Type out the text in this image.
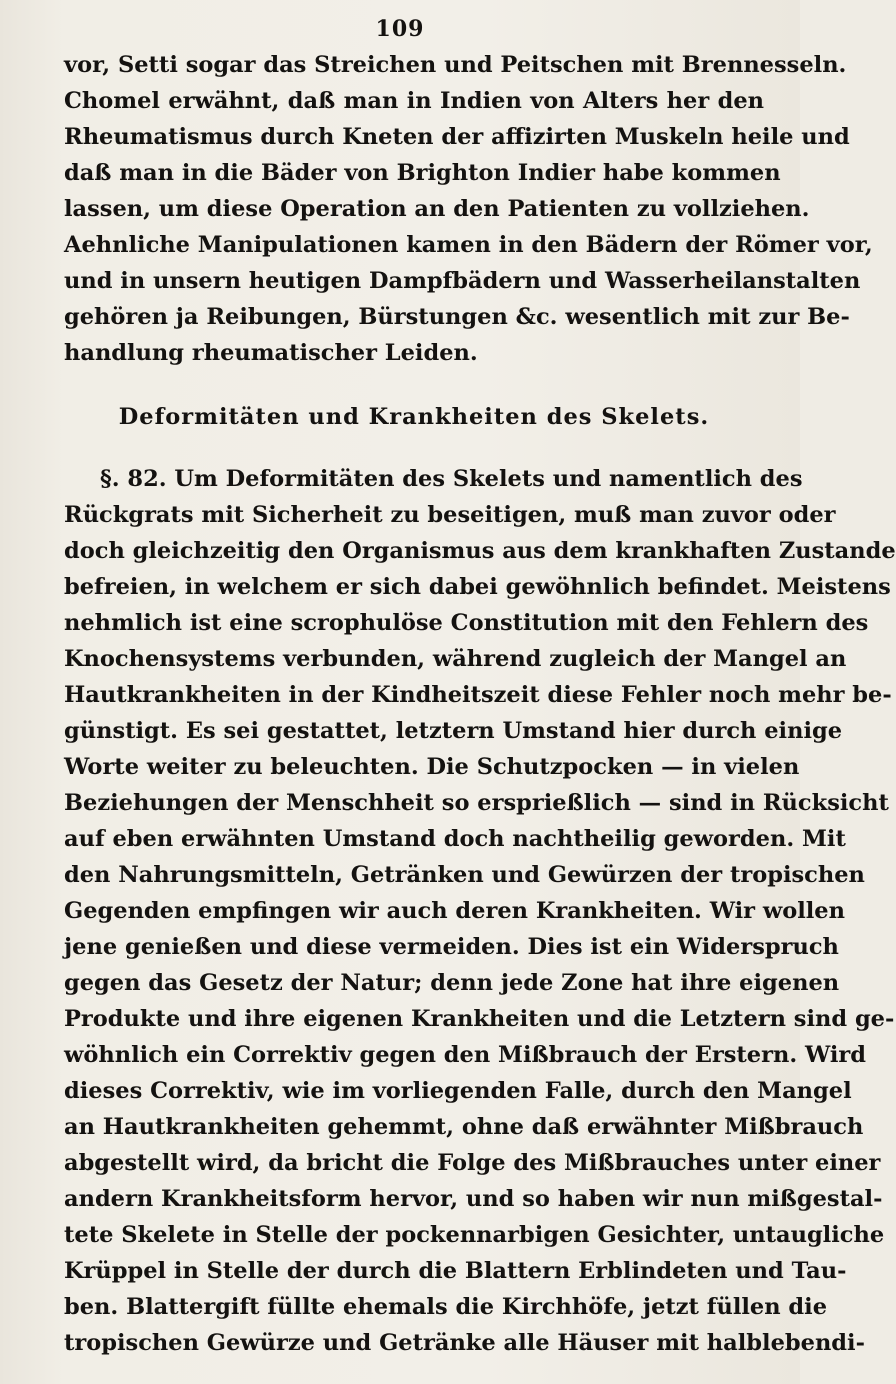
109
vor, Setti sogar das Streichen und Peitschen mit Brennesseln.
Chomel erwähnt, daß man in Indien von Alters her den
Rheumatismus durch Kneten der affizirten Muskeln heile und
daß man in die Bäder von Brighton Indier habe kommen
lassen, um diese Operation an den Patienten zu vollziehen.
Aehnliche Manipulationen kamen in den Bädern der Römer vor,
und in unsern heutigen Dampfbädern und Wasserheilanstalten
gehören ja Reibungen, Bürstungen &c. wesentlich mit zur Be-
handlung rheumatischer Leiden.
Deformitäten und Krankheiten des Skelets.
§. 82. Um Deformitäten des Skelets und namentlich des
Rückgrats mit Sicherheit zu beseitigen, muß man zuvor oder
doch gleichzeitig den Organismus aus dem krankhaften Zustande
befreien, in welchem er sich dabei gewöhnlich befindet. Meistens
nehmlich ist eine scrophulöse Constitution mit den Fehlern des
Knochensystems verbunden, während zugleich der Mangel an
Hautkrankheiten in der Kindheitszeit diese Fehler noch mehr be-
günstigt. Es sei gestattet, letztern Umstand hier durch einige
Worte weiter zu beleuchten. Die Schutzpocken — in vielen
Beziehungen der Menschheit so ersprießlich — sind in Rücksicht
auf eben erwähnten Umstand doch nachtheilig geworden. Mit
den Nahrungsmitteln, Getränken und Gewürzen der tropischen
Gegenden empfingen wir auch deren Krankheiten. Wir wollen
jene genießen und diese vermeiden. Dies ist ein Widerspruch
gegen das Gesetz der Natur; denn jede Zone hat ihre eigenen
Produkte und ihre eigenen Krankheiten und die Letztern sind ge-
wöhnlich ein Correktiv gegen den Mißbrauch der Erstern. Wird
dieses Correktiv, wie im vorliegenden Falle, durch den Mangel
an Hautkrankheiten gehemmt, ohne daß erwähnter Mißbrauch
abgestellt wird, da bricht die Folge des Mißbrauches unter einer
andern Krankheitsform hervor, und so haben wir nun mißgestal-
tete Skelete in Stelle der pockennarbigen Gesichter, untaugliche
Krüppel in Stelle der durch die Blattern Erblindeten und Tau-
ben. Blattergift füllte ehemals die Kirchhöfe, jetzt füllen die
tropischen Gewürze und Getränke alle Häuser mit halblebendi-
